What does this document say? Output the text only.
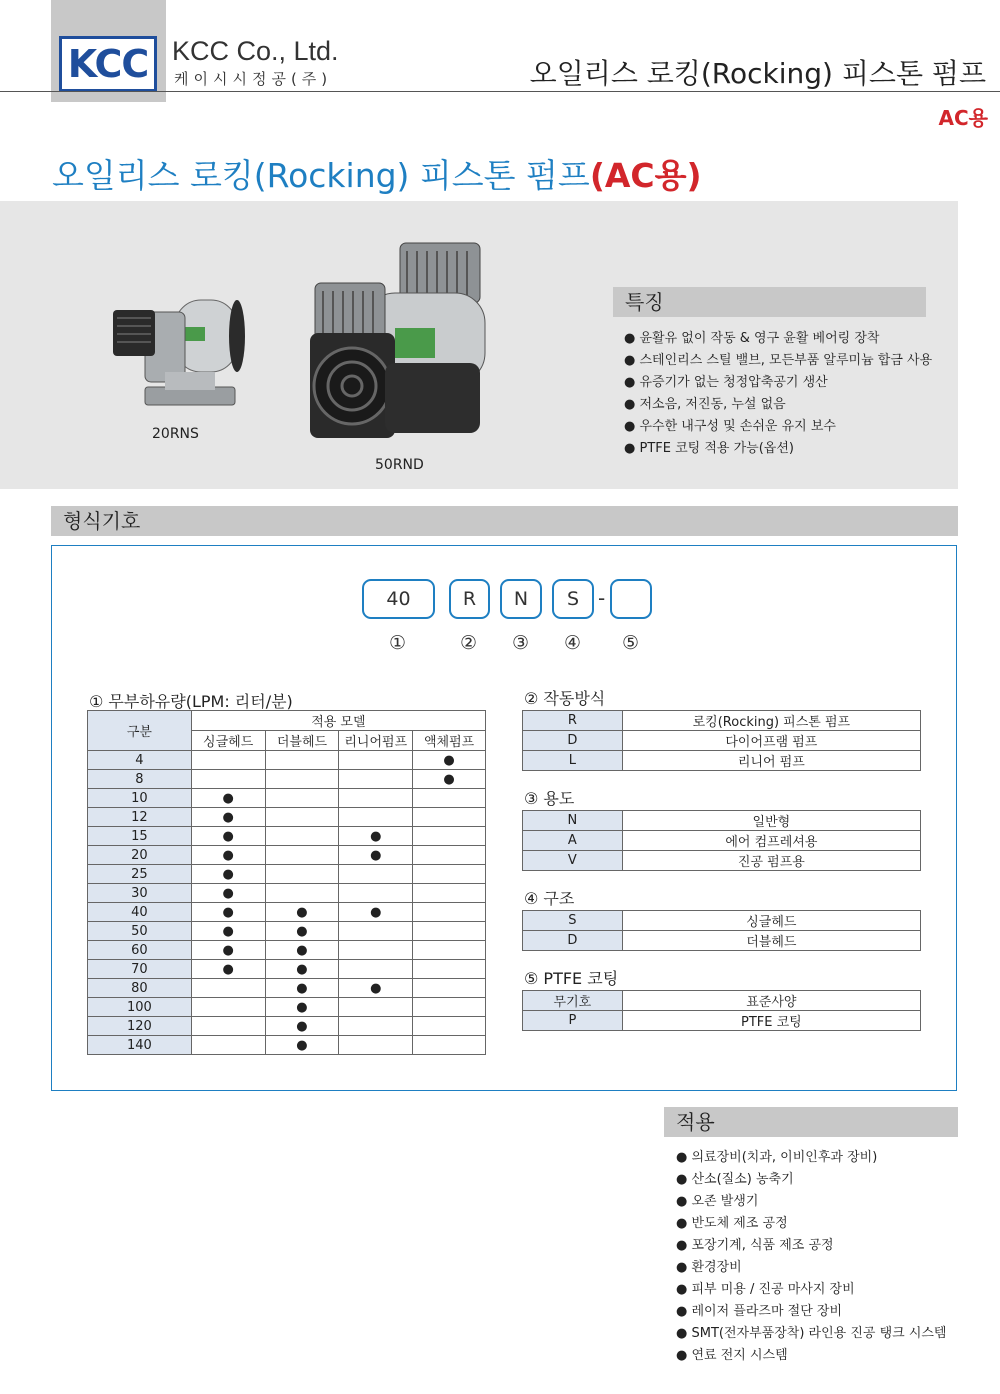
KCC KCC Co., Ltd.
케이시시정공(주)	오일리스 로킹(Rocking) 피스톤 펌프
AC용
오일리스 로킹(Rocking) 피스톤 펌프(AC용)
20RNS
50RND
특징
● 윤활유 없이 작동 & 영구 윤활 베어링 장착
● 스테인리스 스틸 밸브, 모든부품 알루미늄 합금 사용
● 유증기가 없는 청정압축공기 생산
● 저소음, 저진동, 누설 없음
● 우수한 내구성 및 손쉬운 유지 보수
● PTFE 코팅 적용 가능(옵션)
형식기호
40	R	N	S -
①	② ③ ④ ⑤
① 무부하유량(LPM: 리터/분)
구분	적용 모델			
	싱글헤드	더블헤드	리니어펌프	액체펌프
4				●
8				●
10	●			
12	●			
15	●		●	
20	●		●	
25	●			
30	●			
40	●	●	●	
50	●	●		
60	●	●		
70	●	●		
80		●	●	
100		●		
120		●		
140		●		
② 작동방식
R	로킹(Rocking) 피스톤 펌프
D	다이어프램 펌프
L	리니어 펌프
③ 용도
N	일반형
A	에어 컴프레셔용
V	진공 펌프용
④ 구조
S	싱글헤드
D	더블헤드
⑤ PTFE 코팅
무기호	표준사양
P	PTFE 코팅
적용
● 의료장비(치과, 이비인후과 장비)
● 산소(질소) 농축기
● 오존 발생기
● 반도체 제조 공정
● 포장기계, 식품 제조 공정
● 환경장비
● 피부 미용 / 진공 마사지 장비
● 레이저 플라즈마 절단 장비
● SMT(전자부품장착) 라인용 진공 탱크 시스템
● 연료 전지 시스템
